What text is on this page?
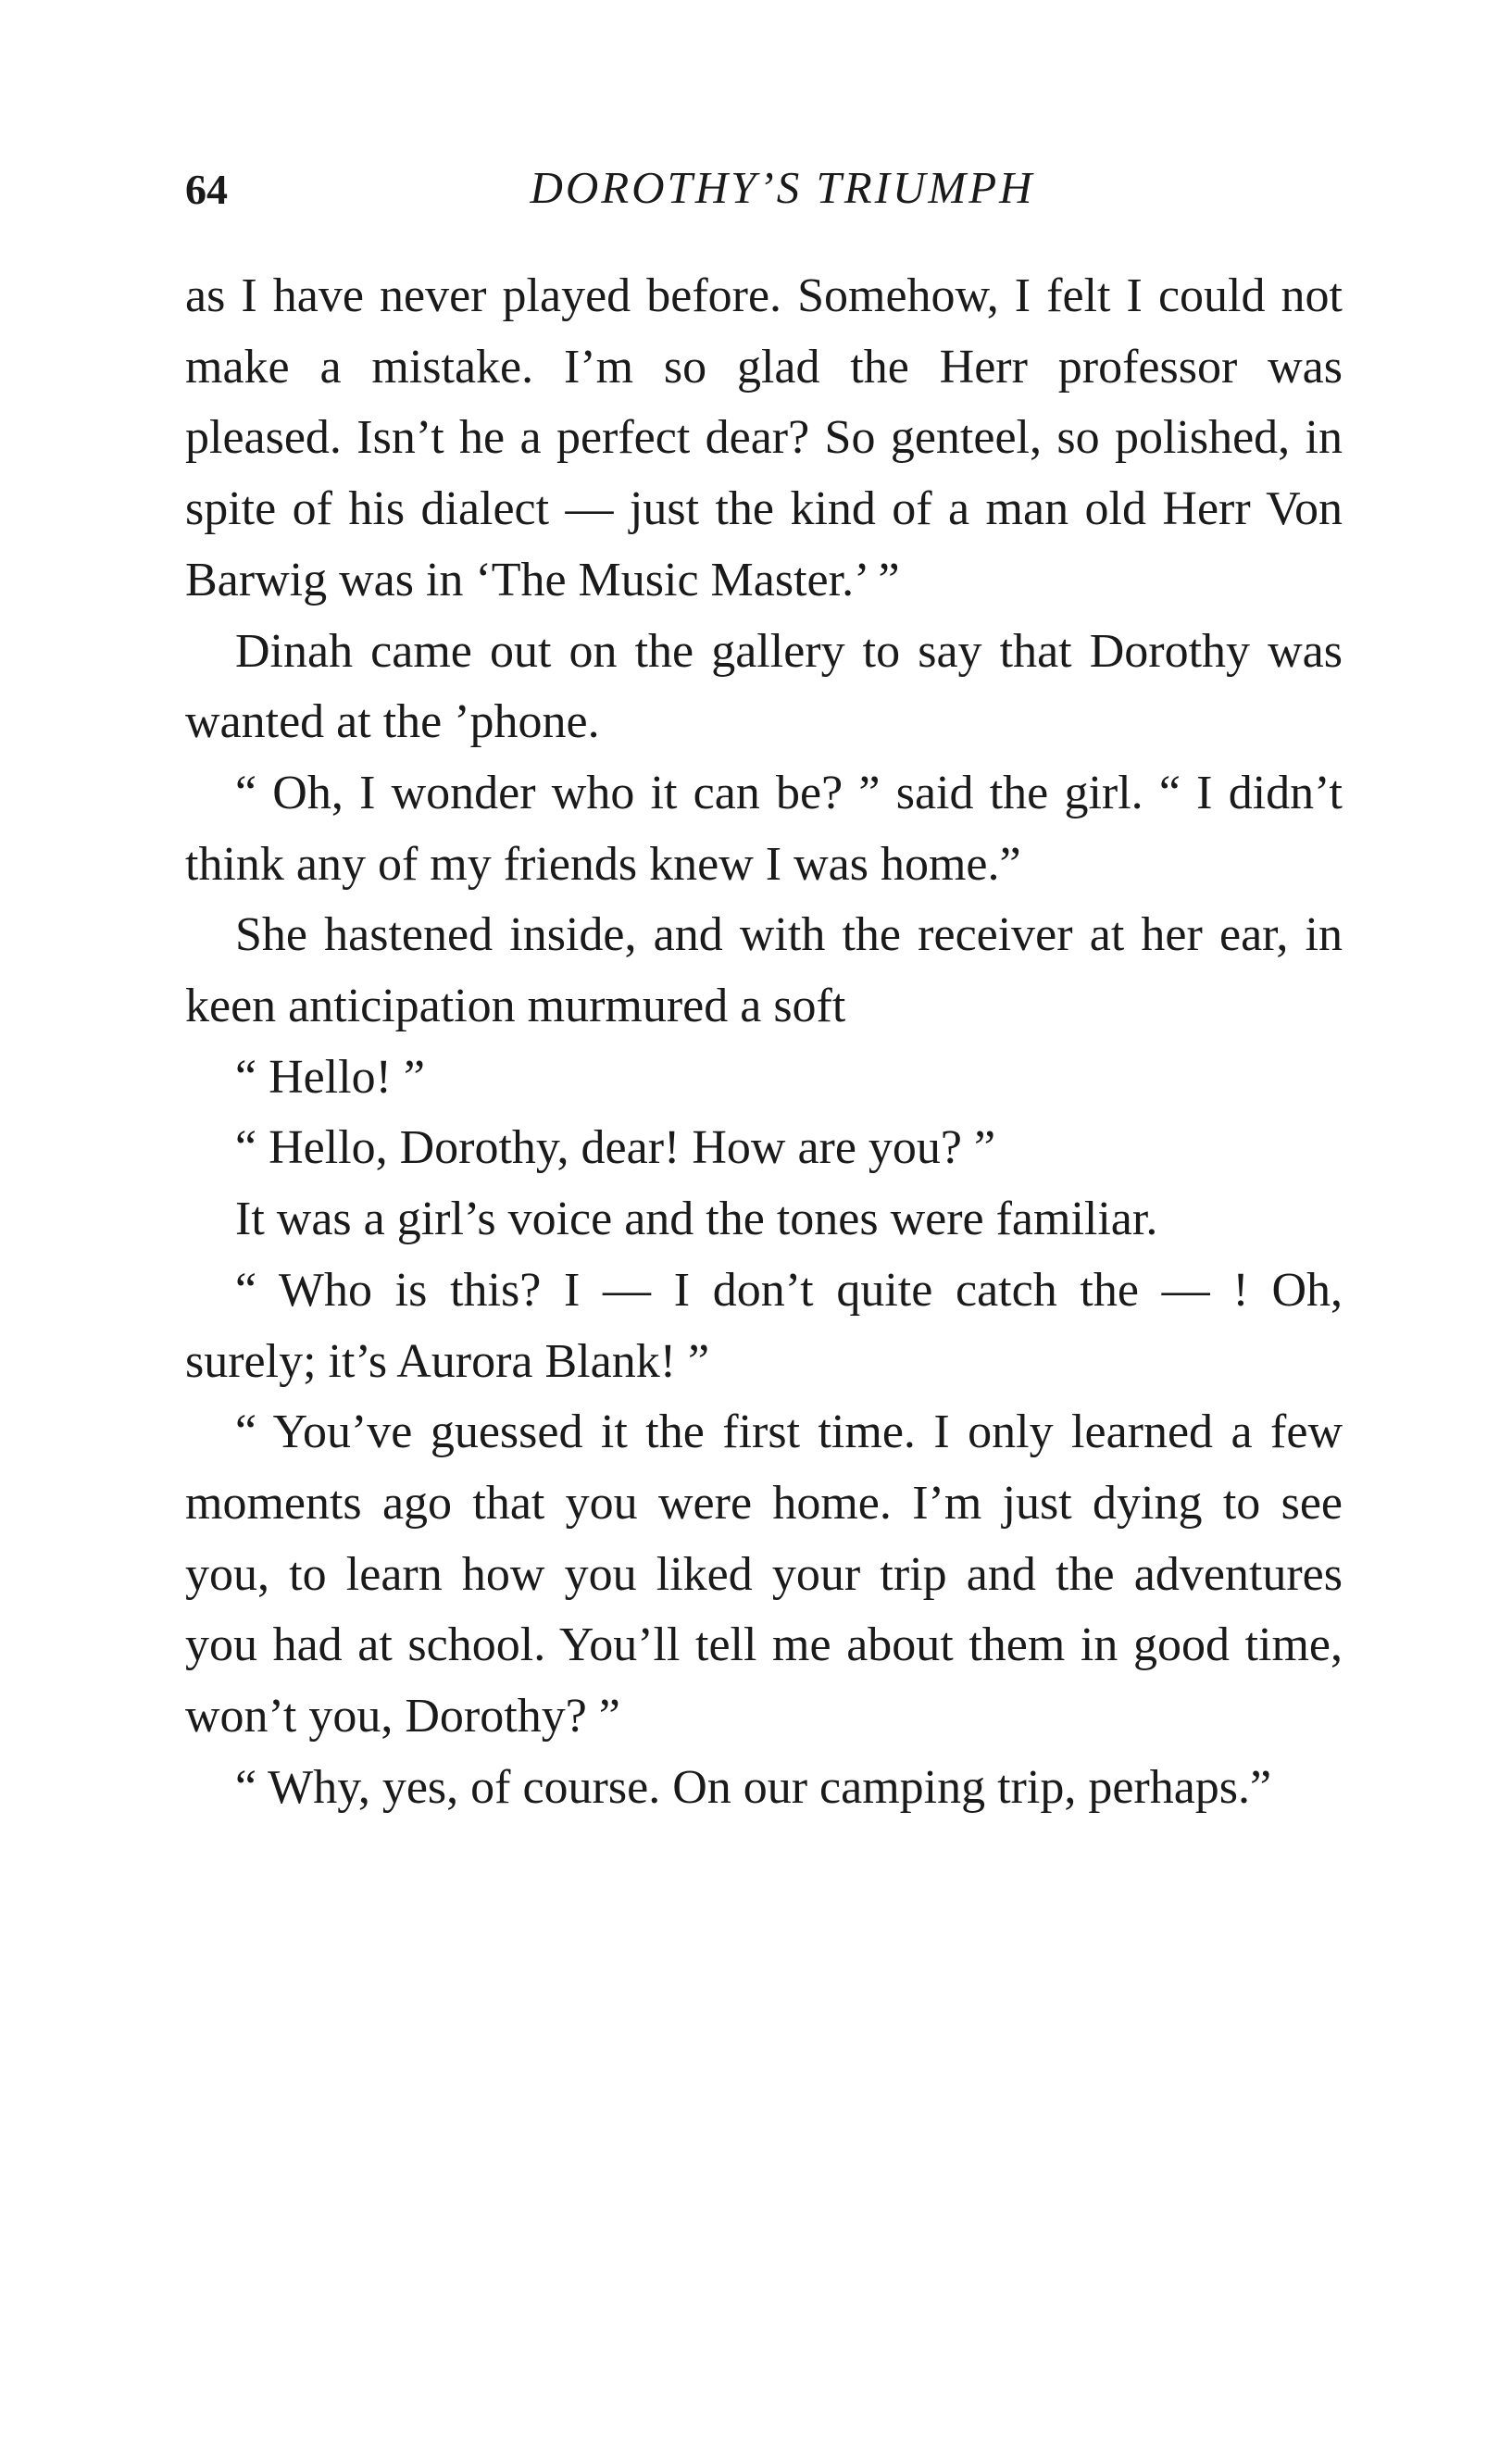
64	DOROTHY’S TRIUMPH

as I have never played before. Somehow, I felt I could not make a mistake. I’m so glad the Herr professor was pleased. Isn’t he a perfect dear? So genteel, so polished, in spite of his dialect — just the kind of a man old Herr Von Barwig was in ‘The Music Master.’ ”

Dinah came out on the gallery to say that Dorothy was wanted at the ’phone.

“ Oh, I wonder who it can be? ” said the girl. “ I didn’t think any of my friends knew I was home.”

She hastened inside, and with the receiver at her ear, in keen anticipation murmured a soft

“ Hello! ”

“ Hello, Dorothy, dear! How are you? ”

It was a girl’s voice and the tones were familiar.

“ Who is this? I — I don’t quite catch the — ! Oh, surely; it’s Aurora Blank! ”

“ You’ve guessed it the first time. I only learned a few moments ago that you were home. I’m just dying to see you, to learn how you liked your trip and the adventures you had at school. You’ll tell me about them in good time, won’t you, Dorothy? ”

“ Why, yes, of course. On our camping trip, perhaps.”
